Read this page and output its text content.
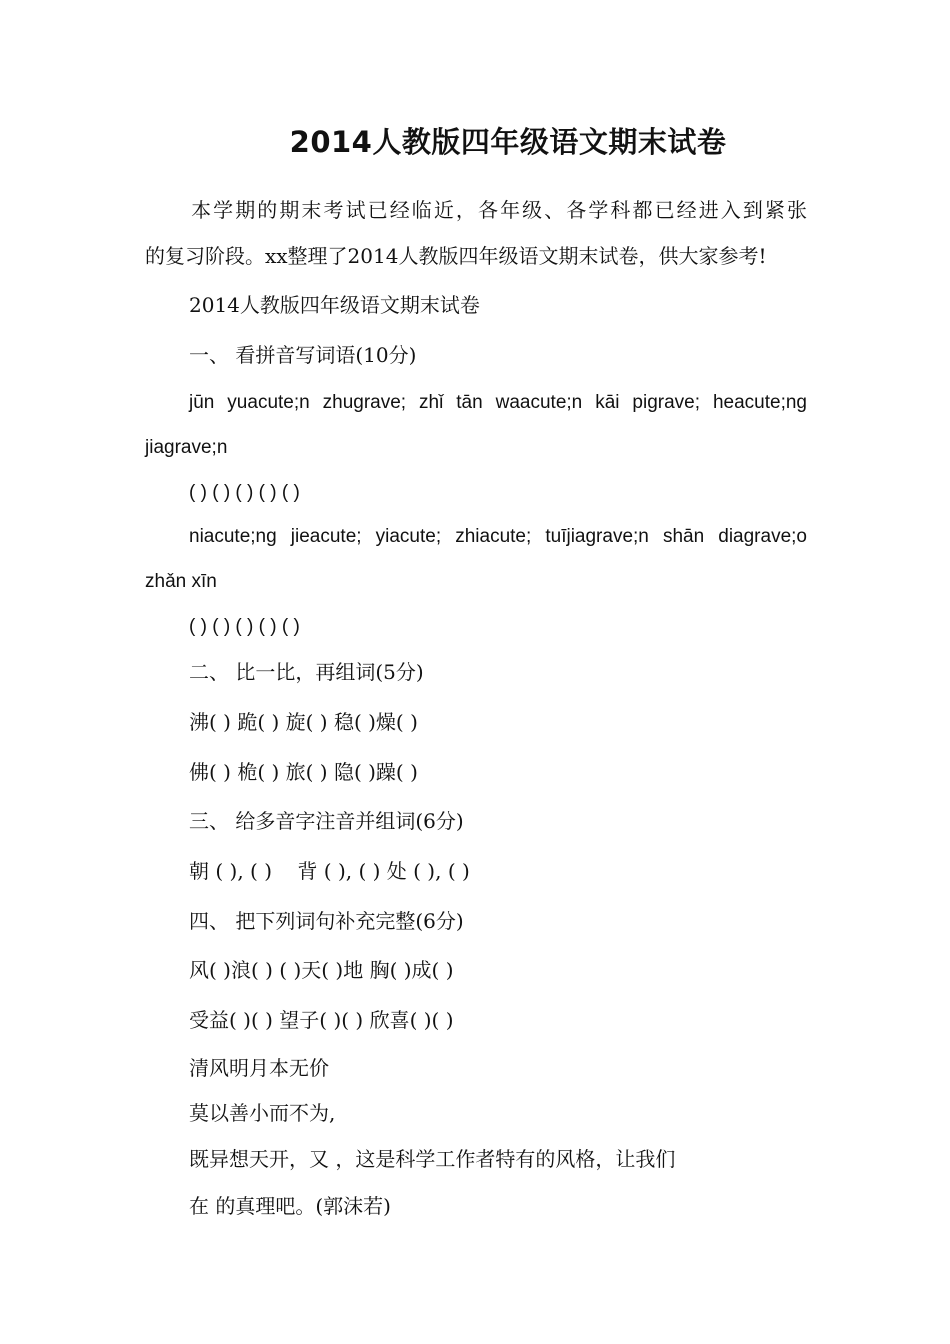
2014人教版四年级语文期末试卷
本学期的期末考试已经临近，各年级、各学科都已经进入到紧张
的复习阶段。xx整理了2014人教版四年级语文期末试卷，供大家参考!
2014人教版四年级语文期末试卷
一、 看拼音写词语(10分)
jūn yuacute;n zhugrave; zhǐ tān waacute;n kāi pigrave; heacute;ng
jiagrave;n
( ) ( ) ( ) ( ) ( )
niacute;ng jieacute; yiacute; zhiacute; tuījiagrave;n shān diagrave;o
zhǎn xīn
( ) ( ) ( ) ( ) ( )
二、 比一比，再组词(5分)
沸( ) 跪( ) 旋( ) 稳( )燥( )
佛( ) 桅( ) 旅( ) 隐( )躁( )
三、 给多音字注音并组词(6分)
朝 ( ), ( )    背 ( ), ( ) 处 ( ), ( )
四、 把下列词句补充完整(6分)
风( )浪( ) ( )天( )地 胸( )成( )
受益( )( ) 望子( )( ) 欣喜( )( )
清风明月本无价
莫以善小而不为,
既异想天开，又 ，这是科学工作者特有的风格，让我们
在 的真理吧。(郭沫若)
